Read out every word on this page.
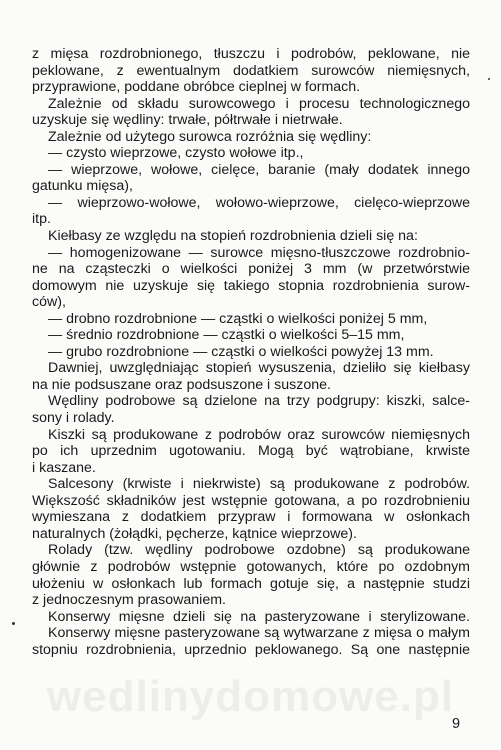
wedlinydomowe.pl
z mięsa rozdrobnionego, tłuszczu i podrobów, peklowane, nie
peklowane, z ewentualnym dodatkiem surowców niemięsnych,
przyprawione, poddane obróbce cieplnej w formach.
Zależnie od składu surowcowego i procesu technologicznego
uzyskuje się wędliny: trwałe, półtrwałe i nietrwałe.
Zależnie od użytego surowca rozróżnia się wędliny:
— czysto wieprzowe, czysto wołowe itp.,
— wieprzowe, wołowe, cielęce, baranie (mały dodatek innego
gatunku mięsa),
— wieprzowo-wołowe, wołowo-wieprzowe, cielęco-wieprzowe
itp.
Kiełbasy ze względu na stopień rozdrobnienia dzieli się na:
— homogenizowane — surowce mięsno-tłuszczowe rozdrobnio-
ne na cząsteczki o wielkości poniżej 3 mm (w przetwórstwie
domowym nie uzyskuje się takiego stopnia rozdrobnienia surow-
ców),
— drobno rozdrobnione — cząstki o wielkości poniżej 5 mm,
— średnio rozdrobnione — cząstki o wielkości 5–15 mm,
— grubo rozdrobnione — cząstki o wielkości powyżej 13 mm.
Dawniej, uwzględniając stopień wysuszenia, dzieliło się kiełbasy
na nie podsuszane oraz podsuszone i suszone.
Wędliny podrobowe są dzielone na trzy podgrupy: kiszki, salce-
sony i rolady.
Kiszki są produkowane z podrobów oraz surowców niemięsnych
po ich uprzednim ugotowaniu. Mogą być wątrobiane, krwiste
i kaszane.
Salcesony (krwiste i niekrwiste) są produkowane z podrobów.
Większość składników jest wstępnie gotowana, a po rozdrobnieniu
wymieszana z dodatkiem przypraw i formowana w osłonkach
naturalnych (żołądki, pęcherze, kątnice wieprzowe).
Rolady (tzw. wędliny podrobowe ozdobne) są produkowane
głównie z podrobów wstępnie gotowanych, które po ozdobnym
ułożeniu w osłonkach lub formach gotuje się, a następnie studzi
z jednoczesnym prasowaniem.
Konserwy mięsne dzieli się na pasteryzowane i sterylizowane.
Konserwy mięsne pasteryzowane są wytwarzane z mięsa o małym
stopniu rozdrobnienia, uprzednio peklowanego. Są one następnie
9
